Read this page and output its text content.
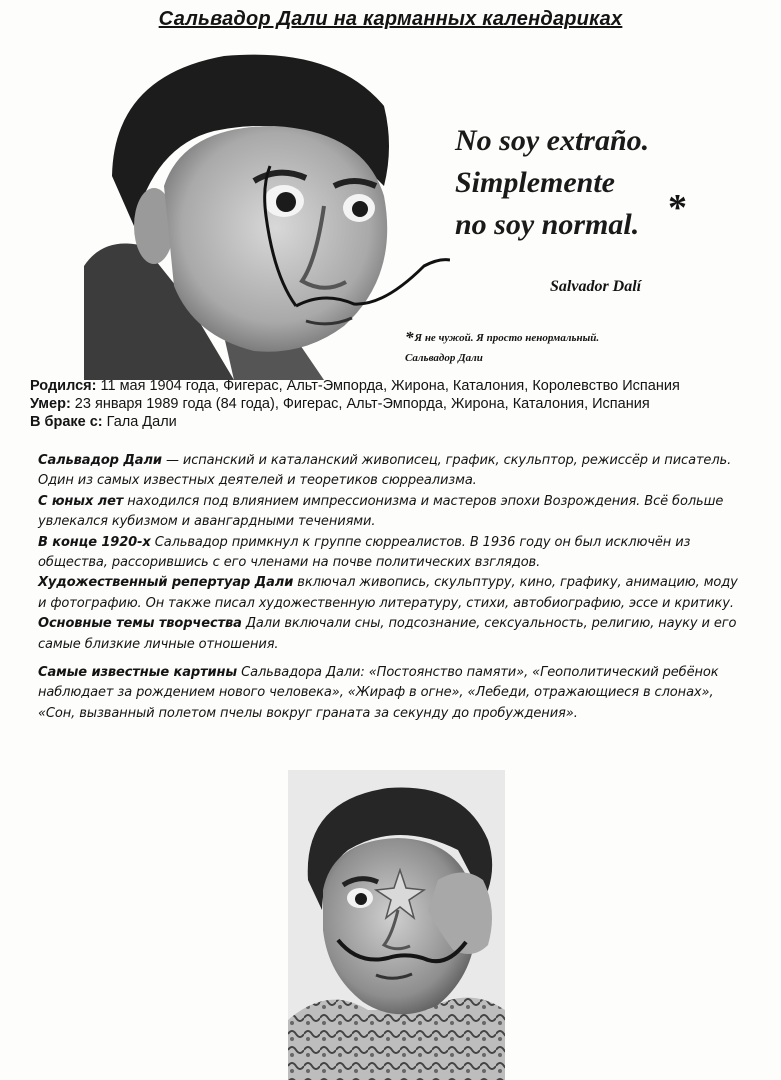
Сальвадор Дали на карманных календариках
No soy extraño.
Simplemente
no soy normal. *
Salvador Dalí
*Я не чужой. Я просто ненормальный.
Сальвадор Дали
Родился: 11 мая 1904 года, Фигерас, Альт-Эмпорда, Жирона, Каталония, Королевство Испания
Умер: 23 января 1989 года (84 года), Фигерас, Альт-Эмпорда, Жирона, Каталония, Испания
В браке с: Гала Дали

Сальвадор Дали — испанский и каталанский живописец, график, скульптор, режиссёр и писатель. Один из самых известных деятелей и теоретиков сюрреализма.

С юных лет находился под влиянием импрессионизма и мастеров эпохи Возрождения. Всё больше увлекался кубизмом и авангардными течениями.

В конце 1920-х Сальвадор примкнул к группе сюрреалистов. В 1936 году он был исключён из общества, рассорившись с его членами на почве политических взглядов.

Художественный репертуар Дали включал живопись, скульптуру, кино, графику, анимацию, моду и фотографию. Он также писал художественную литературу, стихи, автобиографию, эссе и критику.

Основные темы творчества Дали включали сны, подсознание, сексуальность, религию, науку и его самые близкие личные отношения.

Самые известные картины Сальвадора Дали: «Постоянство памяти», «Геополитический ребёнок наблюдает за рождением нового человека», «Жираф в огне», «Лебеди, отражающиеся в слонах», «Сон, вызванный полетом пчелы вокруг граната за секунду до пробуждения».
